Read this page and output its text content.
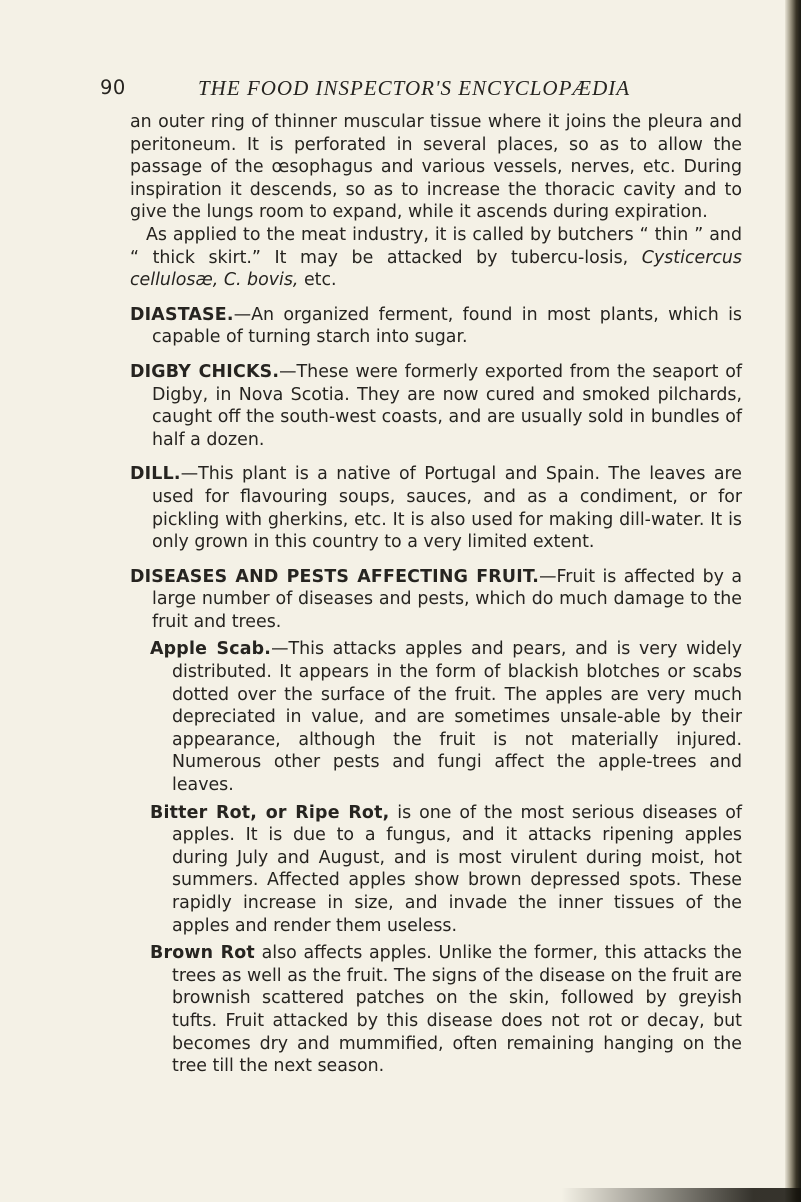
90	THE FOOD INSPECTOR'S ENCYCLOPÆDIA

an outer ring of thinner muscular tissue where it joins the pleura and peritoneum. It is perforated in several places, so as to allow the passage of the œsophagus and various vessels, nerves, etc. During inspiration it descends, so as to increase the thoracic cavity and to give the lungs room to expand, while it ascends during expiration.

As applied to the meat industry, it is called by butchers “ thin ” and “ thick skirt.” It may be attacked by tubercu-losis, Cysticercus cellulosæ, C. bovis, etc.

DIASTASE.—An organized ferment, found in most plants, which is capable of turning starch into sugar.

DIGBY CHICKS.—These were formerly exported from the seaport of Digby, in Nova Scotia. They are now cured and smoked pilchards, caught off the south-west coasts, and are usually sold in bundles of half a dozen.

DILL.—This plant is a native of Portugal and Spain. The leaves are used for flavouring soups, sauces, and as a condiment, or for pickling with gherkins, etc. It is also used for making dill-water. It is only grown in this country to a very limited extent.

DISEASES AND PESTS AFFECTING FRUIT.—Fruit is affected by a large number of diseases and pests, which do much damage to the fruit and trees.

Apple Scab.—This attacks apples and pears, and is very widely distributed. It appears in the form of blackish blotches or scabs dotted over the surface of the fruit. The apples are very much depreciated in value, and are sometimes unsale-able by their appearance, although the fruit is not materially injured. Numerous other pests and fungi affect the apple-trees and leaves.

Bitter Rot, or Ripe Rot, is one of the most serious diseases of apples. It is due to a fungus, and it attacks ripening apples during July and August, and is most virulent during moist, hot summers. Affected apples show brown depressed spots. These rapidly increase in size, and invade the inner tissues of the apples and render them useless.

Brown Rot also affects apples. Unlike the former, this attacks the trees as well as the fruit. The signs of the disease on the fruit are brownish scattered patches on the skin, followed by greyish tufts. Fruit attacked by this disease does not rot or decay, but becomes dry and mummified, often remaining hanging on the tree till the next season.
